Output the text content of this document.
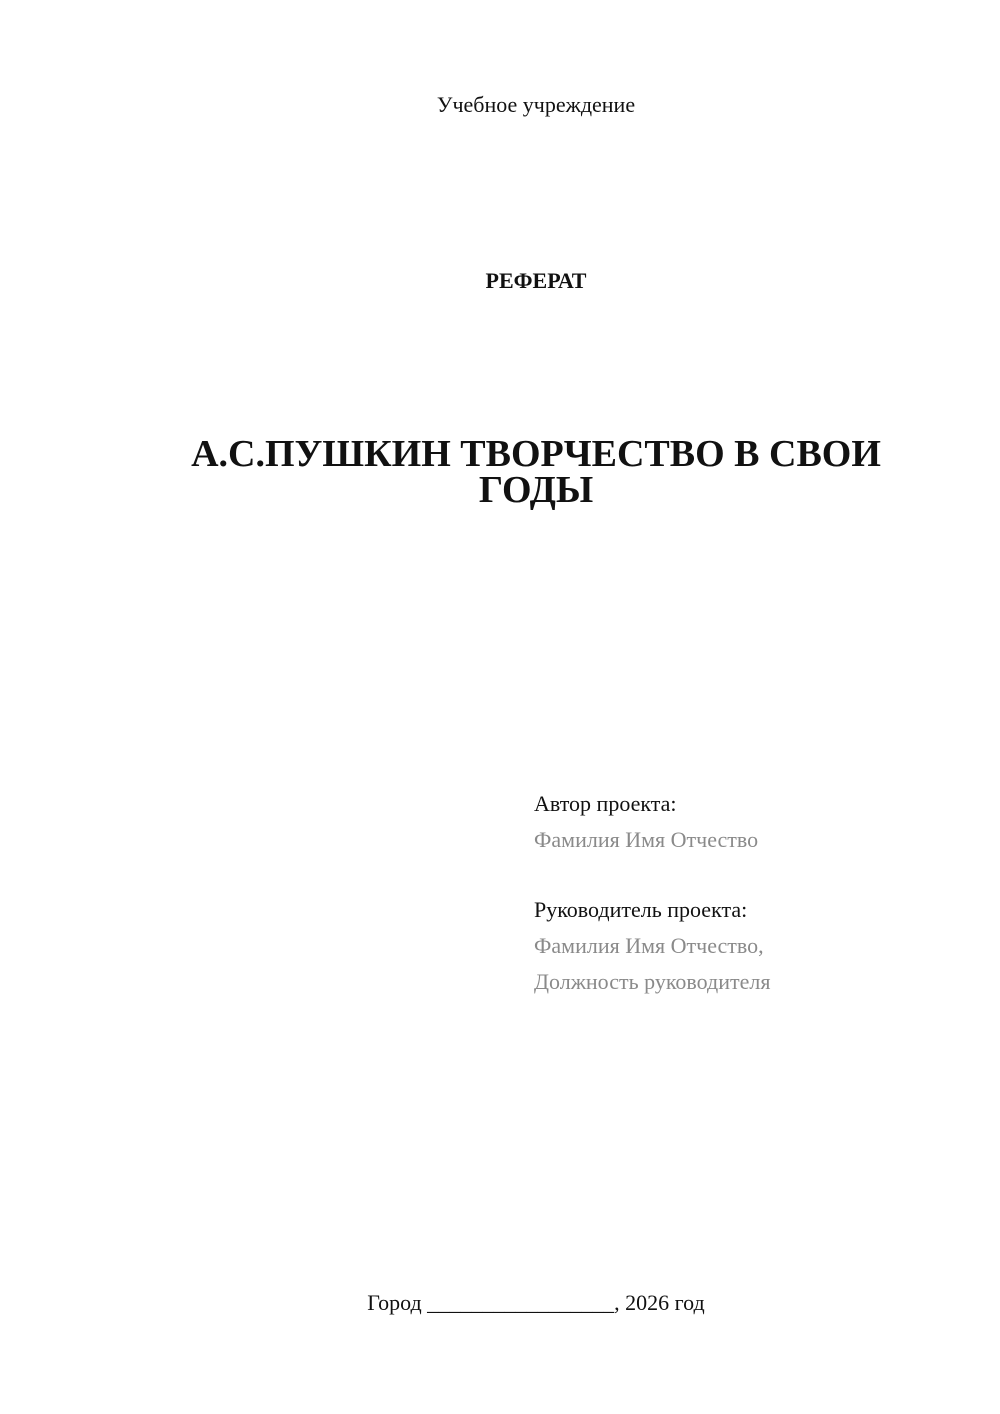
Учебное учреждение
РЕФЕРАТ
А.С.ПУШКИН ТВОРЧЕСТВО В СВОИ ГОДЫ
Автор проекта:
Фамилия Имя Отчество
Руководитель проекта:
Фамилия Имя Отчество,
Должность руководителя
Город _________________, 2026 год
